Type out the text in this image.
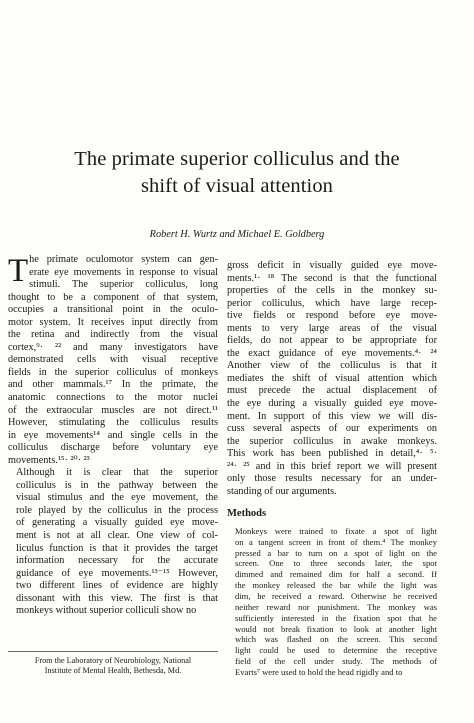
The primate superior colliculus and the
shift of visual attention
Robert H. Wurtz and Michael E. Goldberg

T he primate oculomotor system can gen-
erate eye movements in response to visual
stimuli. The superior colliculus, long
thought to be a component of that system,
occupies a transitional point in the oculo-
motor system. It receives input directly from
the retina and indirectly from the visual
cortex,⁹· ²² and many investigators have
demonstrated cells with visual receptive
fields in the superior colliculus of monkeys
and other mammals.¹⁷ In the primate, the
anatomic connections to the motor nuclei
of the extraocular muscles are not direct.¹¹
However, stimulating the colliculus results
in eye movements¹⁴ and single cells in the
colliculus discharge before voluntary eye
movements.¹⁵· ²⁰· ²³

Although it is clear that the superior
colliculus is in the pathway between the
visual stimulus and the eye movement, the
role played by the colliculus in the process
of generating a visually guided eye move-
ment is not at all clear. One view of col-
liculus function is that it provides the target
information necessary for the accurate
guidance of eye movements.¹³⁻¹⁵ However,
two different lines of evidence are highly
dissonant with this view. The first is that
monkeys without superior colliculi show no

gross deficit in visually guided eye move-
ments.¹· ¹⁸ The second is that the functional
properties of the cells in the monkey su-
perior colliculus, which have large recep-
tive fields or respond before eye move-
ments to very large areas of the visual
fields, do not appear to be appropriate for
the exact guidance of eye movements.⁴· ²⁴
Another view of the colliculus is that it
mediates the shift of visual attention which
must precede the actual displacement of
the eye during a visually guided eye move-
ment. In support of this view we will dis-
cuss several aspects of our experiments on
the superior colliculus in awake monkeys.
This work has been published in detail,⁴· ⁵·
²⁴· ²⁵ and in this brief report we will present
only those results necessary for an under-
standing of our arguments.

Methods

Monkeys were trained to fixate a spot of light
on a tangent screen in front of them.⁴ The monkey
pressed a bar to turn on a spot of light on the
screen. One to three seconds later, the spot
dimmed and remained dim for half a second. If
the monkey released the bar while the light was
dim, he received a reward. Otherwise he received
neither reward nor punishment. The monkey was
sufficiently interested in the fixation spot that he
would not break fixation to look at another light
which was flashed on the screen. This second
light could be used to determine the receptive
field of the cell under study. The methods of
Evarts⁷ were used to hold the head rigidly and to

From the Laboratory of Neurobiology, National
Institute of Mental Health, Bethesda, Md.
